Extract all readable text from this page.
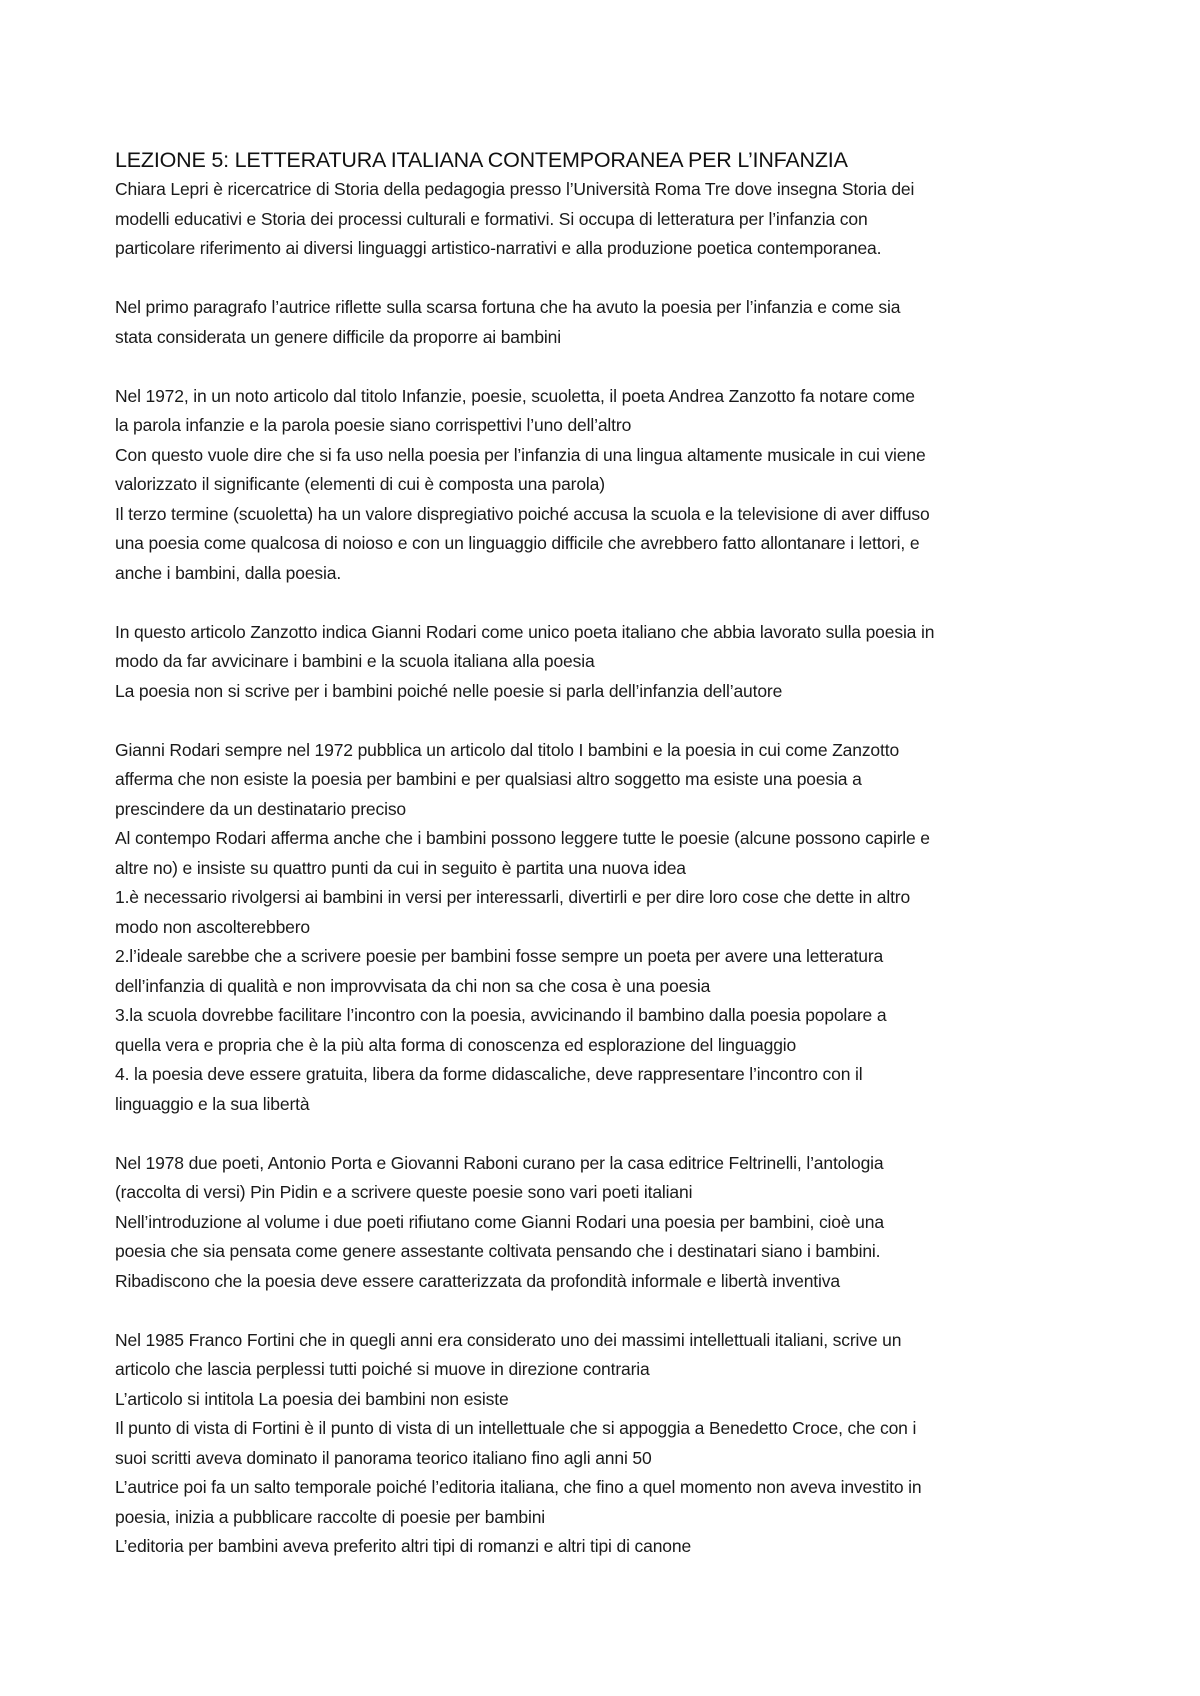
LEZIONE 5: LETTERATURA ITALIANA CONTEMPORANEA PER L’INFANZIA
Chiara Lepri è ricercatrice di Storia della pedagogia presso l’Università Roma Tre dove insegna Storia dei
modelli educativi e Storia dei processi culturali e formativi. Si occupa di letteratura per l’infanzia con
particolare riferimento ai diversi linguaggi artistico-narrativi e alla produzione poetica contemporanea.
Nel primo paragrafo l’autrice riflette sulla scarsa fortuna che ha avuto la poesia per l’infanzia e come sia
stata considerata un genere difficile da proporre ai bambini
Nel 1972, in un noto articolo dal titolo Infanzie, poesie, scuoletta, il poeta Andrea Zanzotto fa notare come
la parola infanzie e la parola poesie siano corrispettivi l’uno dell’altro
Con questo vuole dire che si fa uso nella poesia per l’infanzia di una lingua altamente musicale in cui viene
valorizzato il significante (elementi di cui è composta una parola)
Il terzo termine (scuoletta) ha un valore dispregiativo poiché accusa la scuola e la televisione di aver diffuso
una poesia come qualcosa di noioso e con un linguaggio difficile che avrebbero fatto allontanare i lettori, e
anche i bambini, dalla poesia.
In questo articolo Zanzotto indica Gianni Rodari come unico poeta italiano che abbia lavorato sulla poesia in
modo da far avvicinare i bambini e la scuola italiana alla poesia
La poesia non si scrive per i bambini poiché nelle poesie si parla dell’infanzia dell’autore
Gianni Rodari sempre nel 1972 pubblica un articolo dal titolo I bambini e la poesia in cui come Zanzotto
afferma che non esiste la poesia per bambini e per qualsiasi altro soggetto ma esiste una poesia a
prescindere da un destinatario preciso
Al contempo Rodari afferma anche che i bambini possono leggere tutte le poesie (alcune possono capirle e
altre no) e insiste su quattro punti da cui in seguito è partita una nuova idea
1.è necessario rivolgersi ai bambini in versi per interessarli, divertirli e per dire loro cose che dette in altro
modo non ascolterebbero
2.l’ideale sarebbe che a scrivere poesie per bambini fosse sempre un poeta per avere una letteratura
dell’infanzia di qualità e non improvvisata da chi non sa che cosa è una poesia
3.la scuola dovrebbe facilitare l’incontro con la poesia, avvicinando il bambino dalla poesia popolare a
quella vera e propria che è la più alta forma di conoscenza ed esplorazione del linguaggio
4. la poesia deve essere gratuita, libera da forme didascaliche, deve rappresentare l’incontro con il
linguaggio e la sua libertà
Nel 1978 due poeti, Antonio Porta e Giovanni Raboni curano per la casa editrice Feltrinelli, l’antologia
(raccolta di versi) Pin Pidin e a scrivere queste poesie sono vari poeti italiani
Nell’introduzione al volume i due poeti rifiutano come Gianni Rodari una poesia per bambini, cioè una
poesia che sia pensata come genere assestante coltivata pensando che i destinatari siano i bambini.
Ribadiscono che la poesia deve essere caratterizzata da profondità informale e libertà inventiva
Nel 1985 Franco Fortini che in quegli anni era considerato uno dei massimi intellettuali italiani, scrive un
articolo che lascia perplessi tutti poiché si muove in direzione contraria
L’articolo si intitola La poesia dei bambini non esiste
Il punto di vista di Fortini è il punto di vista di un intellettuale che si appoggia a Benedetto Croce, che con i
suoi scritti aveva dominato il panorama teorico italiano fino agli anni 50
L’autrice poi fa un salto temporale poiché l’editoria italiana, che fino a quel momento non aveva investito in
poesia, inizia a pubblicare raccolte di poesie per bambini
L’editoria per bambini aveva preferito altri tipi di romanzi e altri tipi di canone
